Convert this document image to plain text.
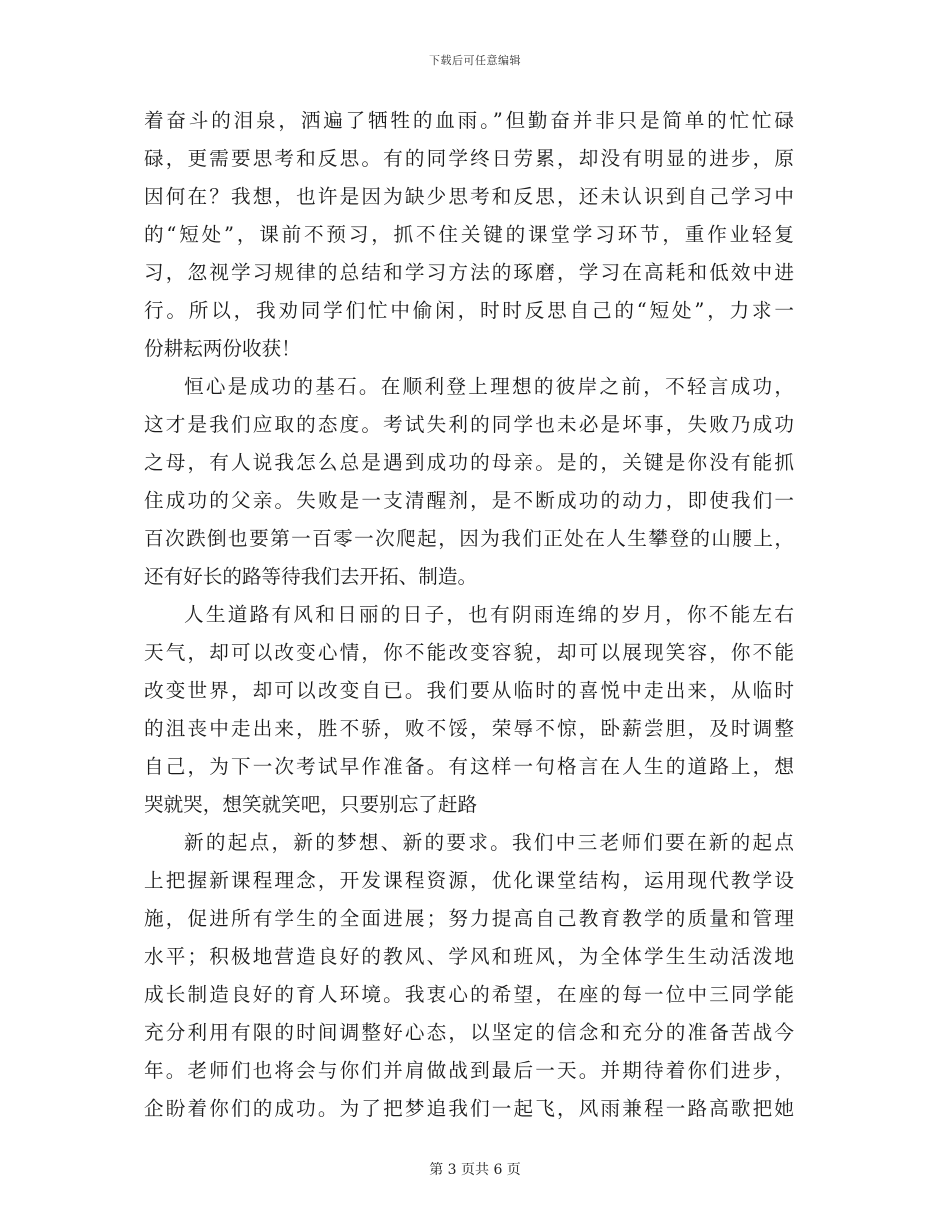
下载后可任意编辑
着奋斗的泪泉，洒遍了牺牲的血雨。”但勤奋并非只是简单的忙忙碌
碌，更需要思考和反思。有的同学终日劳累，却没有明显的进步，原
因何在？我想，也许是因为缺少思考和反思，还未认识到自己学习中
的“短处”，课前不预习，抓不住关键的课堂学习环节，重作业轻复
习，忽视学习规律的总结和学习方法的琢磨，学习在高耗和低效中进
行。所以，我劝同学们忙中偷闲，时时反思自己的“短处”，力求一
份耕耘两份收获！
恒心是成功的基石。在顺利登上理想的彼岸之前，不轻言成功，
这才是我们应取的态度。考试失利的同学也未必是坏事，失败乃成功
之母，有人说我怎么总是遇到成功的母亲。是的，关键是你没有能抓
住成功的父亲。失败是一支清醒剂，是不断成功的动力，即使我们一
百次跌倒也要第一百零一次爬起，因为我们正处在人生攀登的山腰上，
还有好长的路等待我们去开拓、制造。
人生道路有风和日丽的日子，也有阴雨连绵的岁月，你不能左右
天气，却可以改变心情，你不能改变容貌，却可以展现笑容，你不能
改变世界，却可以改变自已。我们要从临时的喜悦中走出来，从临时
的沮丧中走出来，胜不骄，败不馁，荣辱不惊，卧薪尝胆，及时调整
自己，为下一次考试早作准备。有这样一句格言在人生的道路上，想
哭就哭，想笑就笑吧，只要别忘了赶路
新的起点，新的梦想、新的要求。我们中三老师们要在新的起点
上把握新课程理念，开发课程资源，优化课堂结构，运用现代教学设
施，促进所有学生的全面进展；努力提高自己教育教学的质量和管理
水平；积极地营造良好的教风、学风和班风，为全体学生生动活泼地
成长制造良好的育人环境。我衷心的希望，在座的每一位中三同学能
充分利用有限的时间调整好心态，以坚定的信念和充分的准备苦战今
年。老师们也将会与你们并肩做战到最后一天。并期待着你们进步，
企盼着你们的成功。为了把梦追我们一起飞，风雨兼程一路高歌把她
第 3 页共 6 页
